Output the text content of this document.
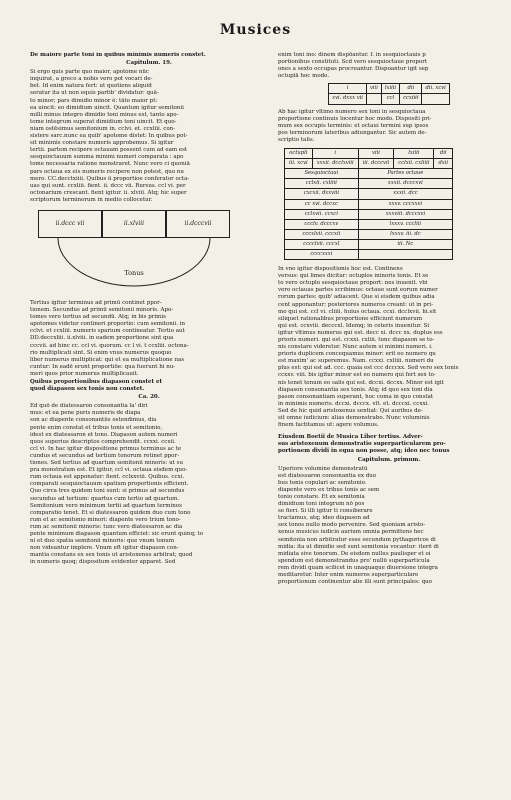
Musices
De maiore parte toni in quibus minimis numeris constet.
Capitulum. 19.
Si ergo quis parte quo maior, apotome nūc
inquirat, a greco a nobis vero pot vocari de-
bet. Id enim natura fert: ut quotiens aliquid
seratur ita ut non equis partib' dividatur: quā-
to minor; pars dimidio minor è: tāto maior pt:
ea uincit: eo dimidium uincit. Quantum igitur semitonii
milli minus integro dimidio toni minus est, tanto apo-
tome integrum superat dimidium toni uincit. Et quo-
niam ostēsimus semitonium in. cclvi. et. ccxliii. con-
sistere sarc.nunc ea quib' apotome distet: In quibus pot-
sit minimis constare numeris approbemus. Si igitur
tertii. partem recipere octauam possent cum ad eam est
sesquioctauum summa minimi numeri comparata : apo
tome necessaria ratione monstraret. Nunc vero ci quoniā
pars octaua ex eis numeris recipere non potest, quo nu
mero. CC.decctxiiii. Quibus ii proportioe conferator octa-
uas qui sunt. ccxliii. fient. ii. dccc vii. Rursus. ccl vi. per
octonarium crescant. fient igitur. ii. xlviii. Atq; hic super
scriptorum terminorum in medio collocetur.
ii.dccc vii	ii.xlviii	ii.dcccvii
Tonus
Tertius igitur terminus ad primū continet ppor-
tionem. Secundus ad primū semitonii minoris. Apo-
tomes vero tertius ad secundū. Atq; in bis primis
apotomes videtur contineri proportio: cum semitonii. in
cclvi. et ccxliii. numeris sparium contineatur. Tertio aut
DD.deccxliii. ii.xlviii. in eadem proportione sint qua
cccvii. ad hinc cc. ccl vi. quorum. cc l vi. t ccxliii. octona-
rio multiplicati sint. Si enim vnus numerus quoquo
liber numerus multiplicat: qui et ea multiplicatione nas
cuntur: In eadē erunt proportiōe: qua fuerunt hi nu-
meri quos prior numerus multiplicauit.
Quibus proportionibus diapason constet et
quod diapason sex tonis non constet.
Ca. 20.
Ed quō de diatessaron consonantia la' diri
mus: et ea pene puris numeris de diapa
son ac diapente consonantiis ostendimus, dia
pente enim constat et tribus tonis et semitonio,
idest ex diatessaron et tono. Diapason autem numeri
quos superius descriptos comprehendit. ccxxi. ccxii.
ccl vi. In hac igitur dispositione primus terminus ac te
cundus et secundus ad tertium tonorum retinet ppor-
tiones. Sed tertius ad quartum semitonii minoris: ut su
pra monstratum est. Et igitur, ccl vi. octaua eisdem quo-
rum octaua est apponatur: fient. cclxxviii. Quibus. ccxi.
comparati sesquioctauum spatium proportionis efficient.
Quo circa tres quidem toni sunt: si primus ad secundus
secundus ad tertium: quartus cum tertio ad quartum.
Semitonium vero minimum tertii ad quartum terminos
comparatio tenet. Et si diatessaron quidem duo cum tono
rum et ac semitonio minori: diapente vero trium tono-
rum ac semitonii minoris: tunc vero diatessaron ac dia
pente minimum diapason quantum efficiet: sic erunt quinq; to
ni et duo spatia semitonii minoris: que vnum tonum
non videantur implere. Vnum eft igitur diapason con-
mantia constans ex sex tonis ut aristoxenus arbitrat; quod
in numeris quoq; dispositum evidenter apparet. Sed
enim toni ino: dinem dispōantur. f. in sesquioctauis p
portionibus constituti. Scd vero sesquioctaue proport
ones a sexto occupas procreantur. Dispoantur igit sep
octuplā hoc modo.
i	viii	lxiiii	dii	dii. xcvi
xvi. dxxx vii		ccl	ccxiiii	
Ab hac igitur vltimo numero sex toni in sesquioctaua
proportione continuis locentur hoc modo. Dispositi pri-
mum sex occupis terminis: et octaui termini sup ipsos
pos terminorum lateribus adiungantur. Sic autem de-
scriptio talis.
octupli	i	viii	lxiiii	dii
iii. xcvi	xxxii. dcclxviii	iii. dcccvii	cclxii. cxliiii	dxii
Sesquioctaui		Partes octaue		
cclxii. cxliiii		xxxii. dcccxvi		
cxcxii. dxxviii		xxxii. dcc		
cc xvi. dccxc		xxxv. cccxxvi		
cclxvii. ccxci		xxxviii. dcccxvi		
ccclv. dcccxv		lxxxv. cccliii		
cccxlvii. cccxii		lxxxv. iii. dc		
cccclvii. cccxl		iii. Nc		
ccccxxxi				
In vno igitur dispositionis hoc est. Continens
versus: qui limes dicitur: octuplos ininoris tonis. Et se
to vero octuplo sesquioctaue proport: nes inuenit. vbi
vero octauas partes scribimus: octaue sunt eorum numer
rorum partes: quib' adiacent. Que si eisdem quibus adia
cent apponantur: posteriores numeros creant: ut in pri-
mo qui est. ccl vi. cliiii. huius octaua. ccxi. dcclxvii. hi.sit
siliquet rationalibus proportione efficiunt numerum
qui est. ccxviii. decccxl. Idemq; in ceteris inuenitur. Si
igitur vltimus numerus qui est. decc xi. dccc xx. duplus ess
prioris numeri. qui est. ccxxi. cxliii. tunc diapason se to-
nis constare videretur. Nunc autem si minimi numeri. i.
prioris duplicem concequamus minor: erit eo numero qu
est maxim' ac superemus. Nam. ccxxi. cxliiii. numeri du
plus est: qui est ad. ccc. quaia est ccc dcccxx. Sed vero sex tonis
ccxxv. viii. bis igitur minor est eo numero qui fert sex to-
nis tenet tonum eo salis qui est. dccxi. dccxx. Minor est igit
diapason consonantia sex tonis. Atq; id quo sex toni dia
pason consonantiam superant, hoc coma in quo constat
in minimis numeris. dccxi. dcccx. vlt. et. dcccxi. ccxxi.
Sed de hic quid aristoxenus sentiat: Qui auribus de-
sit omne iudicium: alias demonstrabo. Nunc voluminis
finem factitamus ut: agere volumus.
Eiusdem Boetii de Musica Liber tertius. Adver-
sus aristoxenum demonstratio superparticularem pro-
portionem dividi in equa non posse, atq; ideo nec tonus
Capitulum. primum.
Uperiore volumine demonstratū
est diatessaron consonantia ex duo
bus tonis copulari ac semitonio.
diapente vero ex tribus tonis ac sem
tonio constare. Et ex semitonia
dimidium toni integrum nō pos
se fieri. Si illi igitur ti consiberare
tractamus, atq; ideo diapason ad
sex tonos nullo modo pervenire. Sed quoniam aristo-
xenus musicus iudicio aurium omnia permittens hec
semitonia non arbitratur esse secundum pythagoricos di
midia: ita ut dimidio sed sunt semitonia vocantur: iterē di
midiata sive tonorum. De eisdem nullus paulisper et oi
spendum est demonstrandus pro' nullū superparticula
rem dividi quam scilicet in unaquaque diuersione integra
meditaretur. Inter enim numeros superparticulare
proportionum continentur alie illi sunt principales: quo
